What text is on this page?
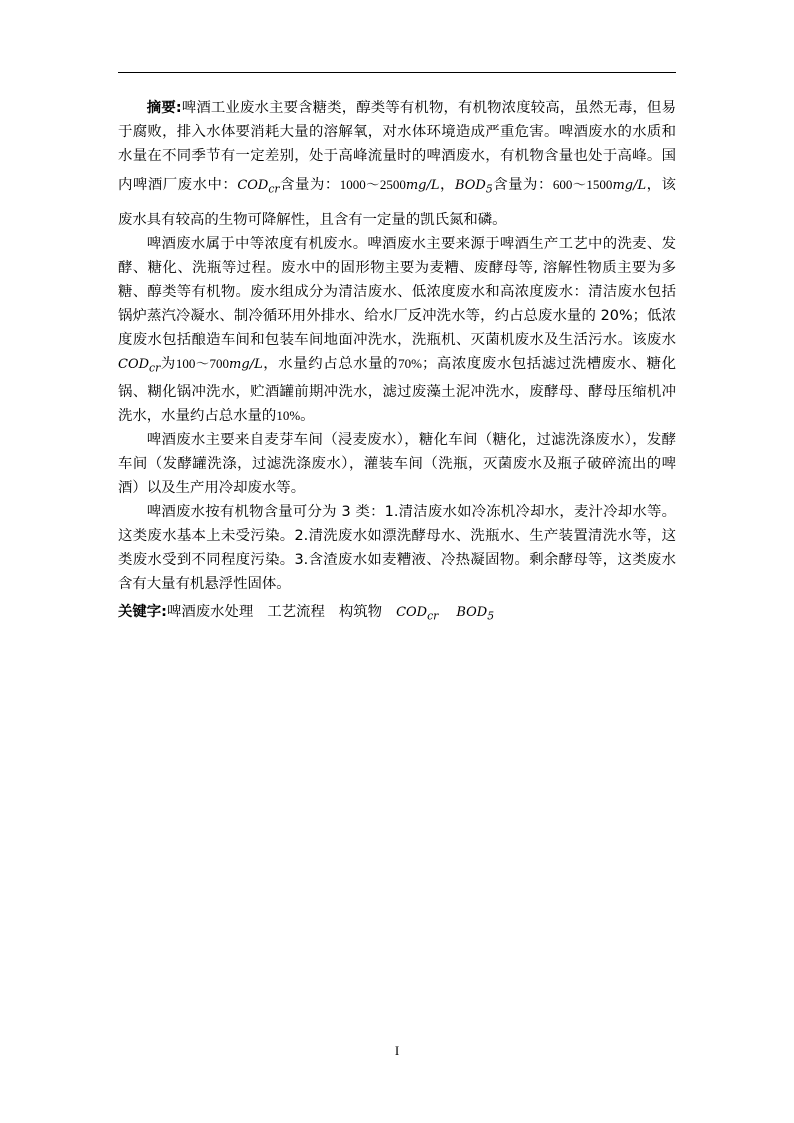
摘要:啤酒工业废水主要含糖类，醇类等有机物，有机物浓度较高，虽然无毒，但易于腐败，排入水体要消耗大量的溶解氧，对水体环境造成严重危害。啤酒废水的水质和水量在不同季节有一定差别，处于高峰流量时的啤酒废水，有机物含量也处于高峰。国内啤酒厂废水中：$COD_{cr}$含量为：1000～2500mg/L，$BOD_5$含量为：600～1500mg/L，该废水具有较高的生物可降解性，且含有一定量的凯氏氮和磷。

啤酒废水属于中等浓度有机废水。啤酒废水主要来源于啤酒生产工艺中的洗麦、发酵、糖化、洗瓶等过程。废水中的固形物主要为麦糟、废酵母等, 溶解性物质主要为多糖、醇类等有机物。废水组成分为清洁废水、低浓度废水和高浓度废水：清洁废水包括锅炉蒸汽冷凝水、制冷循环用外排水、给水厂反冲洗水等，约占总废水量的 20%；低浓度废水包括酿造车间和包装车间地面冲洗水，洗瓶机、灭菌机废水及生活污水。该废水$COD_{cr}$为100～700mg/L，水量约占总水量的70%；高浓度废水包括滤过洗槽废水、糖化锅、糊化锅冲洗水，贮酒罐前期冲洗水，滤过废藻土泥冲洗水，废酵母、酵母压缩机冲洗水，水量约占总水量的10%。

啤酒废水主要来自麦芽车间（浸麦废水），糖化车间（糖化，过滤洗涤废水），发酵车间（发酵罐洗涤，过滤洗涤废水），灌装车间（洗瓶，灭菌废水及瓶子破碎流出的啤酒）以及生产用冷却废水等。

啤酒废水按有机物含量可分为 3 类：1.清洁废水如冷冻机冷却水，麦汁冷却水等。这类废水基本上未受污染。2.清洗废水如漂洗酵母水、洗瓶水、生产装置清洗水等，这类废水受到不同程度污染。3.含渣废水如麦糟液、冷热凝固物。剩余酵母等，这类废水含有大量有机悬浮性固体。

关键字:啤酒废水处理 工艺流程 构筑物 $COD_{cr}$ $BOD_5$

I
